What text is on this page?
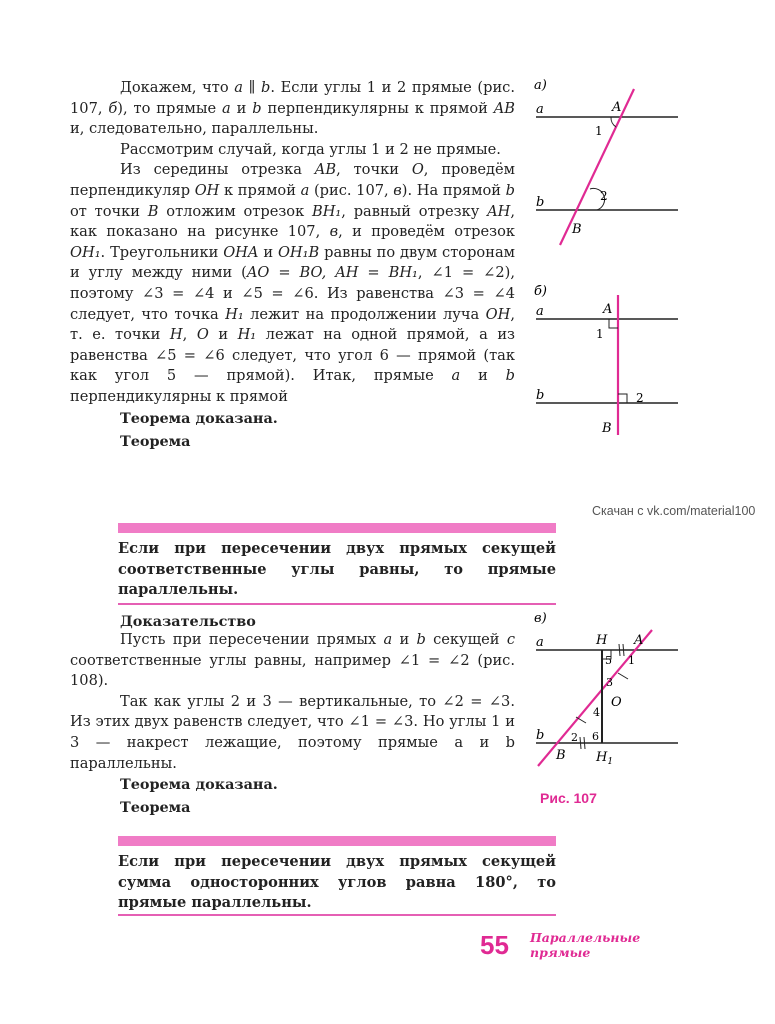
Докажем, что a ∥ b. Если углы 1 и 2 прямые (рис. 107, б), то прямые a и b перпендикулярны к прямой AB и, следовательно, параллельны.

Рассмотрим случай, когда углы 1 и 2 не прямые.

Из середины отрезка AB, точки O, проведём перпендикуляр OH к прямой a (рис. 107, в). На прямой b от точки B отложим отрезок BH₁, равный отрезку AH, как показано на рисунке 107, в, и проведём отрезок OH₁. Треугольники OHA и OH₁B равны по двум сторонам и углу между ними (AO = BO, AH = BH₁, ∠1 = ∠2), поэтому ∠3 = ∠4 и ∠5 = ∠6. Из равенства ∠3 = ∠4 следует, что точка H₁ лежит на продолжении луча OH, т. е. точки H, O и H₁ лежат на одной прямой, а из равенства ∠5 = ∠6 следует, что угол 6 — прямой (так как угол 5 — прямой). Итак, прямые a и b перпендикулярны к прямой

Теорема доказана.

Теорема

Если при пересечении двух прямых секущей соответственные углы равны, то прямые параллельны.

Доказательство

Пусть при пересечении прямых a и b секущей c соответственные углы равны, например ∠1 = ∠2 (рис. 108).

Так как углы 2 и 3 — вертикальные, то ∠2 = ∠3. Из этих двух равенств следует, что ∠1 = ∠3. Но углы 1 и 3 — накрест лежащие, поэтому прямые a и b параллельны.

Теорема доказана.

Теорема

Если при пересечении двух прямых секущей сумма односторонних углов равна 180°, то прямые параллельны.
а)
a
b
A
B
1
2
б)
a
b
A
B
1
2
Скачан с vk.com/material100
в)
a
b
A
B
H
$H_1$
O
1
2
3
4
5
6
Рис. 107
55 Параллельные
прямые
